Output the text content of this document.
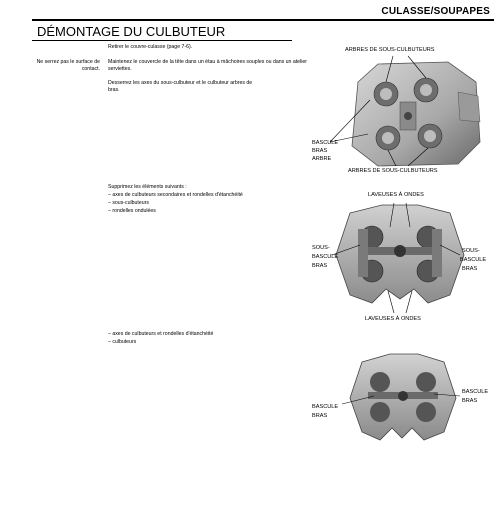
CULASSE/SOUPAPES
DÉMONTAGE DU CULBUTEUR
Retirer le couvre-culasse (page 7-6).
Ne serrez pas le surface de contact.
Maintenez le couvercle de la tête dans un étau à mâchoires souples ou dans un atelier serviettes.
Desserrez les axes du sous-culbuteur et le culbuteur arbres de bras.
Supprimez les éléments suivants :
– axes de culbuteurs secondaires et rondelles d'étanchéité
– sous-culbuteurs
– rondelles ondulées
– axes de culbuteurs et rondelles d'étanchéité
– culbuteurs
ARBRES DE SOUS-CULBUTEURS
BASCULE
BRAS
ARBRE
ARBRES DE SOUS-CULBUTEURS
LAVEUSES À ONDES
SOUS-
BASCULE
BRAS
SOUS-
BASCULE
BRAS
LAVEUSES À ONDES
BASCULE
BRAS
BASCULE
BRAS
